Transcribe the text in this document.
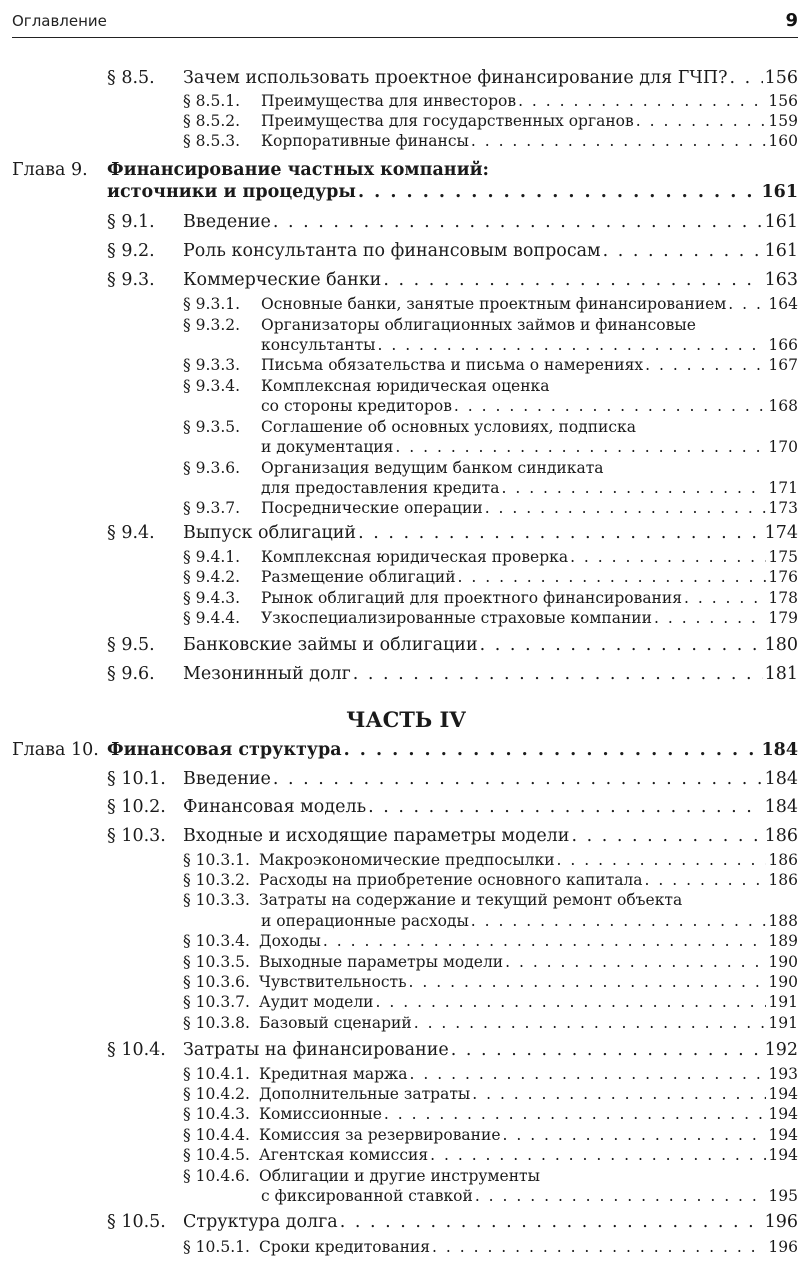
Оглавление	9
ЧАСТЬ IV
§ 8.5. Зачем использовать проектное финансирование для ГЧП? . . . 156
§ 8.5.1. Преимущества для инвесторов . . .	156
§ 8.5.2. Преимущества для государственных органов . . .	159
§ 8.5.3. Корпоративные финансы . . .	160
Глава 9. Финансирование частных компаний:
источники и процедуры . . .	161
§ 9.1. Введение . . .	161
§ 9.2. Роль консультанта по финансовым вопросам . . .	161
§ 9.3. Коммерческие банки . . .	163
§ 9.3.1. Основные банки, занятые проектным финансированием . . .	164
§ 9.3.2. Организаторы облигационных займов и финансовые
консультанты . . .	166
§ 9.3.3. Письма обязательства и письма о намерениях . . .	167
§ 9.3.4. Комплексная юридическая оценка
со стороны кредиторов . . .	168
§ 9.3.5. Соглашение об основных условиях, подписка
и документация . . .	170
§ 9.3.6. Организация ведущим банком синдиката
для предоставления кредита . . .	171
§ 9.3.7. Посреднические операции . . .	173
§ 9.4. Выпуск облигаций . . .	174
§ 9.4.1. Комплексная юридическая проверка . . .	175
§ 9.4.2. Размещение облигаций . . .	176
§ 9.4.3. Рынок облигаций для проектного финансирования . . .	178
§ 9.4.4. Узкоспециализированные страховые компании . . .	179
§ 9.5. Банковские займы и облигации . . .	180
§ 9.6. Мезонинный долг . . .	181
Глава 10. Финансовая структура . . .	184
§ 10.1. Введение . . .	184
§ 10.2. Финансовая модель . . .	184
§ 10.3. Входные и исходящие параметры модели . . .	186
§ 10.3.1. Макроэкономические предпосылки . . .	186
§ 10.3.2. Расходы на приобретение основного капитала . . .	186
§ 10.3.3. Затраты на содержание и текущий ремонт объекта
и операционные расходы . . .	188
§ 10.3.4. Доходы . . .	189
§ 10.3.5. Выходные параметры модели . . .	190
§ 10.3.6. Чувствительность . . .	190
§ 10.3.7. Аудит модели . . .	191
§ 10.3.8. Базовый сценарий . . .	191
§ 10.4. Затраты на финансирование . . .	192
§ 10.4.1. Кредитная маржа . . .	193
§ 10.4.2. Дополнительные затраты . . .	194
§ 10.4.3. Комиссионные . . .	194
§ 10.4.4. Комиссия за резервирование . . .	194
§ 10.4.5. Агентская комиссия . . .	194
§ 10.4.6. Облигации и другие инструменты
с фиксированной ставкой . . .	195
§ 10.5. Структура долга . . .	196
§ 10.5.1. Сроки кредитования . . .	196
